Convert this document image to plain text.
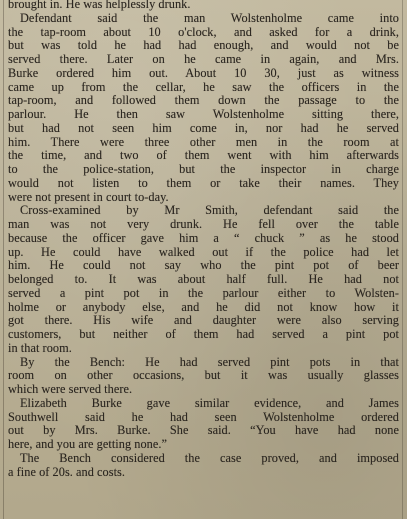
brought in. He was helplessly drunk.
Defendant said the man Wolstenholme came into
the tap-room about 10 o'clock, and asked for a drink,
but was told he had had enough, and would not be
served there. Later on he came in again, and Mrs.
Burke ordered him out. About 10 30, just as witness
came up from the cellar, he saw the officers in the
tap-room, and followed them down the passage to the
parlour. He then saw Wolstenholme sitting there,
but had not seen him come in, nor had he served
him. There were three other men in the room at
the time, and two of them went with him afterwards
to the police-station, but the inspector in charge
would not listen to them or take their names. They
were not present in court to-day.
Cross-examined by Mr Smith, defendant said the
man was not very drunk. He fell over the table
because the officer gave him a “ chuck ” as he stood
up. He could have walked out if the police had let
him. He could not say who the pint pot of beer
belonged to. It was about half full. He had not
served a pint pot in the parlour either to Wolsten-
holme or anybody else, and he did not know how it
got there. His wife and daughter were also serving
customers, but neither of them had served a pint pot
in that room.
By the Bench: He had served pint pots in that
room on other occasions, but it was usually glasses
which were served there.
Elizabeth Burke gave similar evidence, and James
Southwell said he had seen Wolstenholme ordered
out by Mrs. Burke. She said. “You have had none
here, and you are getting none.”
The Bench considered the case proved, and imposed
a fine of 20s. and costs.
